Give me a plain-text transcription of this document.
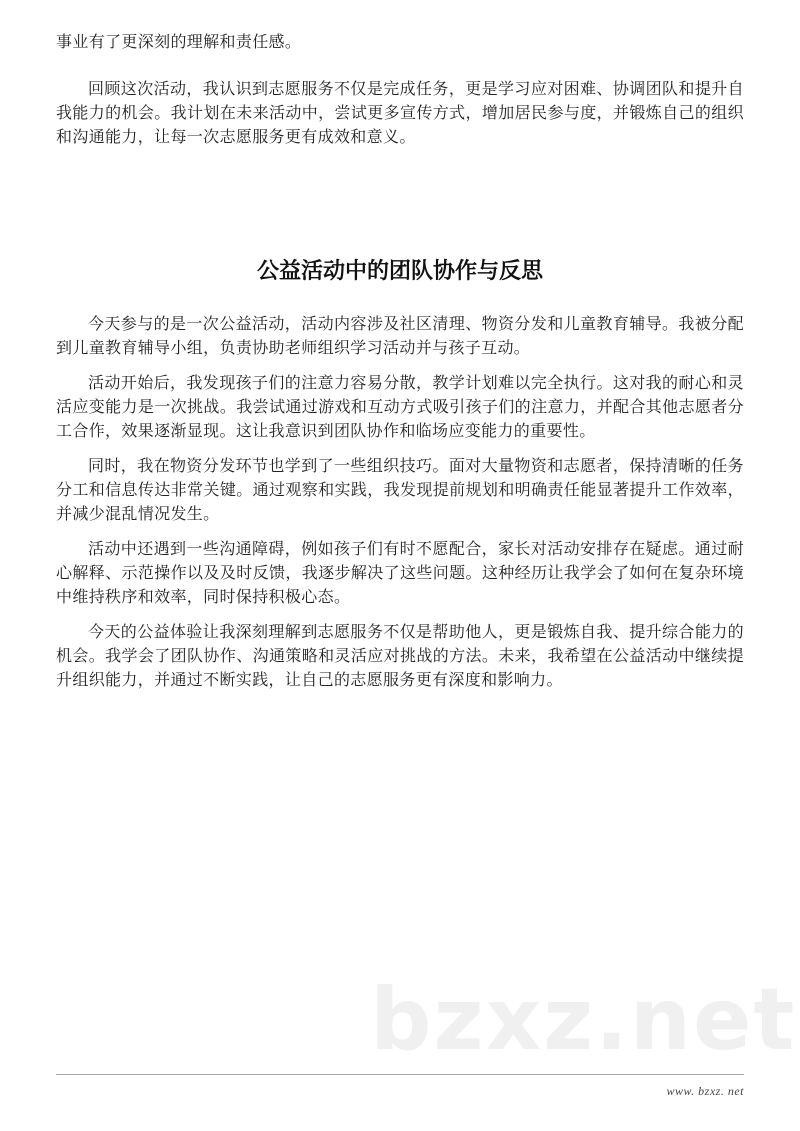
事业有了更深刻的理解和责任感。

回顾这次活动，我认识到志愿服务不仅是完成任务，更是学习应对困难、协调团队和提升自我能力的机会。我计划在未来活动中，尝试更多宣传方式，增加居民参与度，并锻炼自己的组织和沟通能力，让每一次志愿服务更有成效和意义。

公益活动中的团队协作与反思

今天参与的是一次公益活动，活动内容涉及社区清理、物资分发和儿童教育辅导。我被分配到儿童教育辅导小组，负责协助老师组织学习活动并与孩子互动。

活动开始后，我发现孩子们的注意力容易分散，教学计划难以完全执行。这对我的耐心和灵活应变能力是一次挑战。我尝试通过游戏和互动方式吸引孩子们的注意力，并配合其他志愿者分工合作，效果逐渐显现。这让我意识到团队协作和临场应变能力的重要性。

同时，我在物资分发环节也学到了一些组织技巧。面对大量物资和志愿者，保持清晰的任务分工和信息传达非常关键。通过观察和实践，我发现提前规划和明确责任能显著提升工作效率，并减少混乱情况发生。

活动中还遇到一些沟通障碍，例如孩子们有时不愿配合，家长对活动安排存在疑虑。通过耐心解释、示范操作以及及时反馈，我逐步解决了这些问题。这种经历让我学会了如何在复杂环境中维持秩序和效率，同时保持积极心态。

今天的公益体验让我深刻理解到志愿服务不仅是帮助他人，更是锻炼自我、提升综合能力的机会。我学会了团队协作、沟通策略和灵活应对挑战的方法。未来，我希望在公益活动中继续提升组织能力，并通过不断实践，让自己的志愿服务更有深度和影响力。

bzxz.net
www. bzxz. net
